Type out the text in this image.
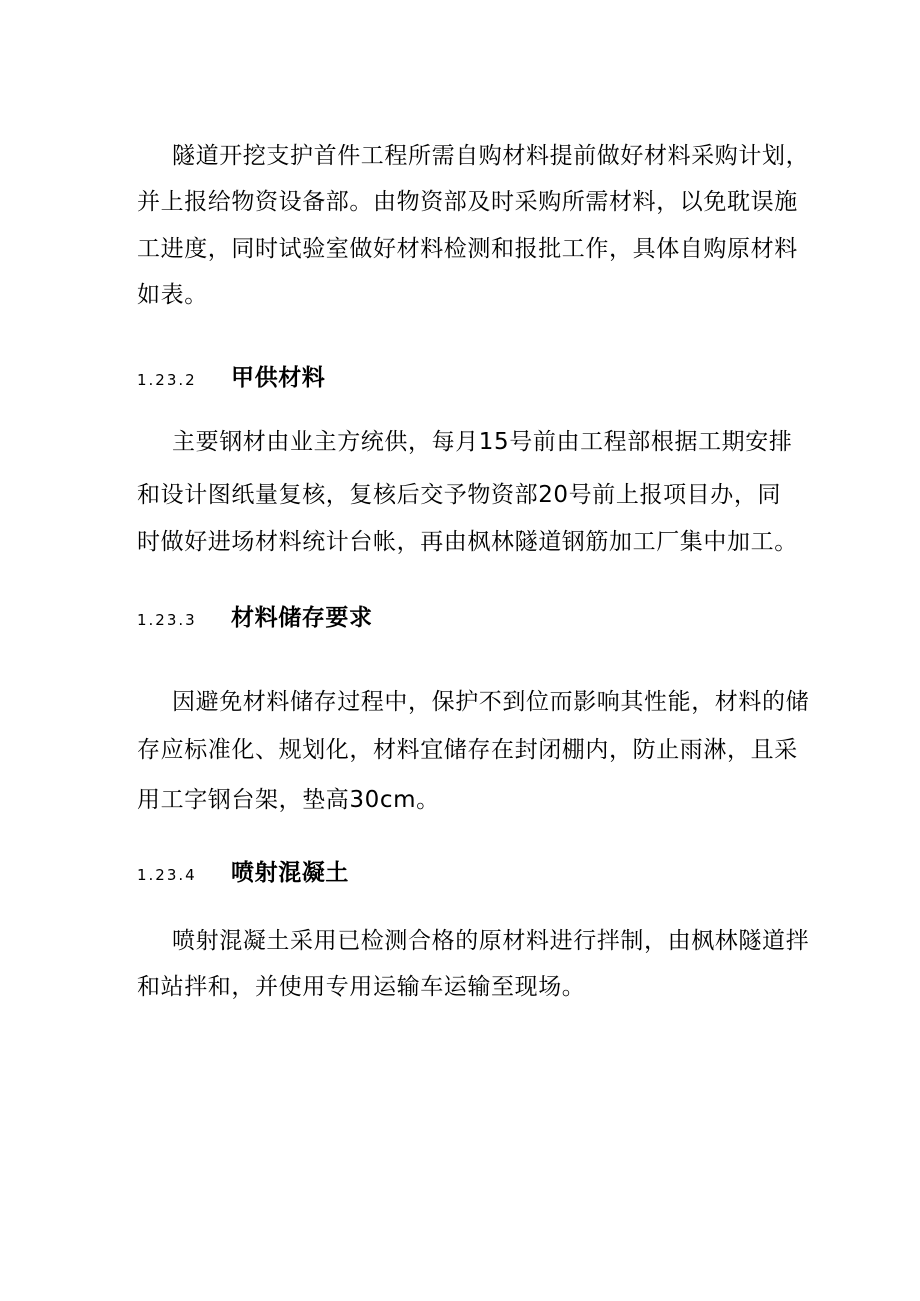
隧道开挖支护首件工程所需自购材料提前做好材料采购计划，
并上报给物资设备部。由物资部及时采购所需材料，以免耽误施
工进度，同时试验室做好材料检测和报批工作，具体自购原材料
如表。
1.23.2 甲供材料
主要钢材由业主方统供，每月15号前由工程部根据工期安排
和设计图纸量复核，复核后交予物资部20号前上报项目办，同
时做好进场材料统计台帐，再由枫林隧道钢筋加工厂集中加工。
1.23.3 材料储存要求
因避免材料储存过程中，保护不到位而影响其性能，材料的储
存应标准化、规划化，材料宜储存在封闭棚内，防止雨淋，且采
用工字钢台架，垫高30cm。
1.23.4 喷射混凝土
喷射混凝土采用已检测合格的原材料进行拌制，由枫林隧道拌
和站拌和，并使用专用运输车运输至现场。
